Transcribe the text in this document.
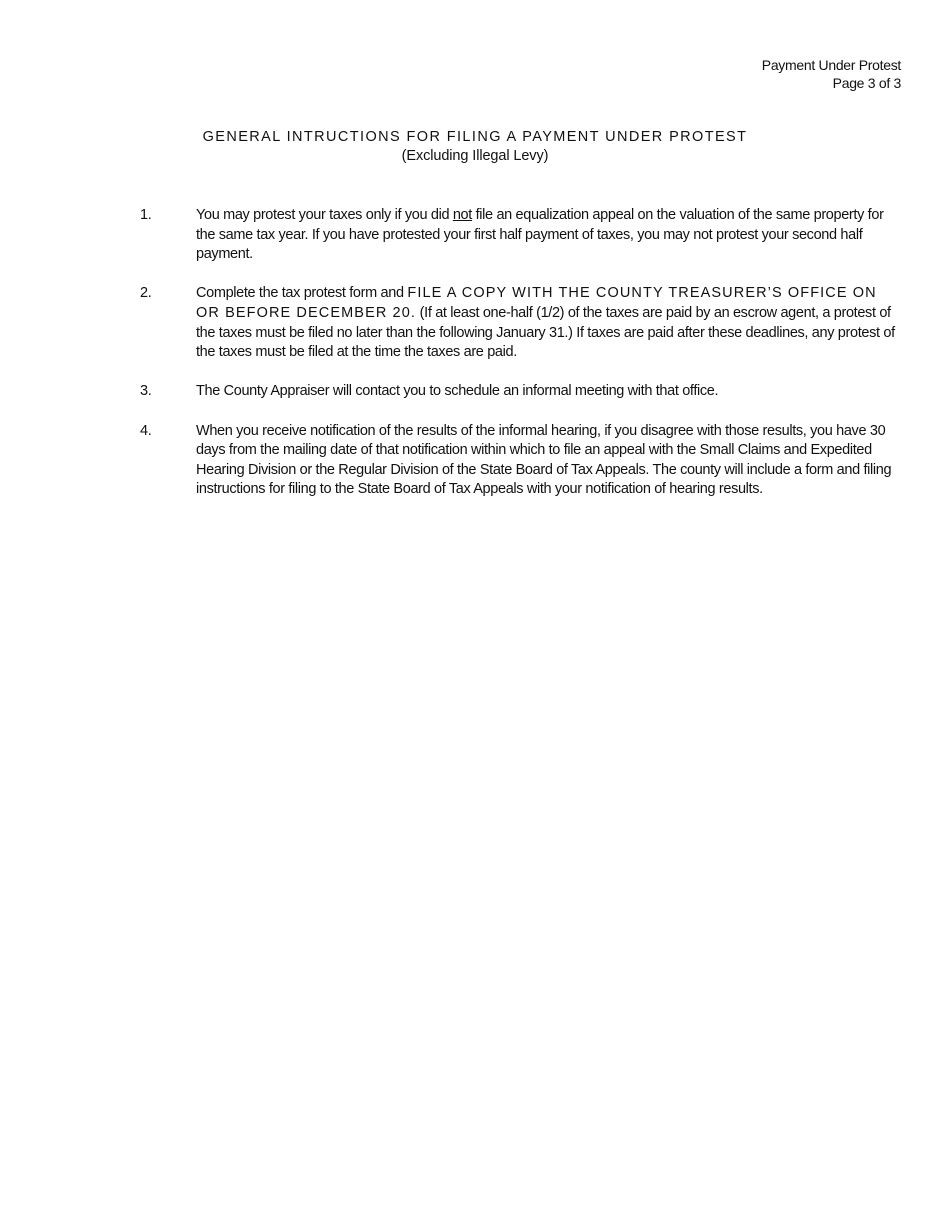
Payment Under Protest
Page 3 of 3
GENERAL INTRUCTIONS FOR FILING A PAYMENT UNDER PROTEST
(Excluding Illegal Levy)
1.	You may protest your taxes only if you did not file an equalization appeal on the valuation of the same property for the same tax year. If you have protested your first half payment of taxes, you may not protest your second half payment.
2.	Complete the tax protest form and FILE A COPY WITH THE COUNTY TREASURER’S OFFICE ON OR BEFORE DECEMBER 20. (If at least one-half (1/2) of the taxes are paid by an escrow agent, a protest of the taxes must be filed no later than the following January 31.) If taxes are paid after these deadlines, any protest of the taxes must be filed at the time the taxes are paid.
3.	The County Appraiser will contact you to schedule an informal meeting with that office.
4.	When you receive notification of the results of the informal hearing, if you disagree with those results, you have 30 days from the mailing date of that notification within which to file an appeal with the Small Claims and Expedited Hearing Division or the Regular Division of the State Board of Tax Appeals. The county will include a form and filing instructions for filing to the State Board of Tax Appeals with your notification of hearing results.
